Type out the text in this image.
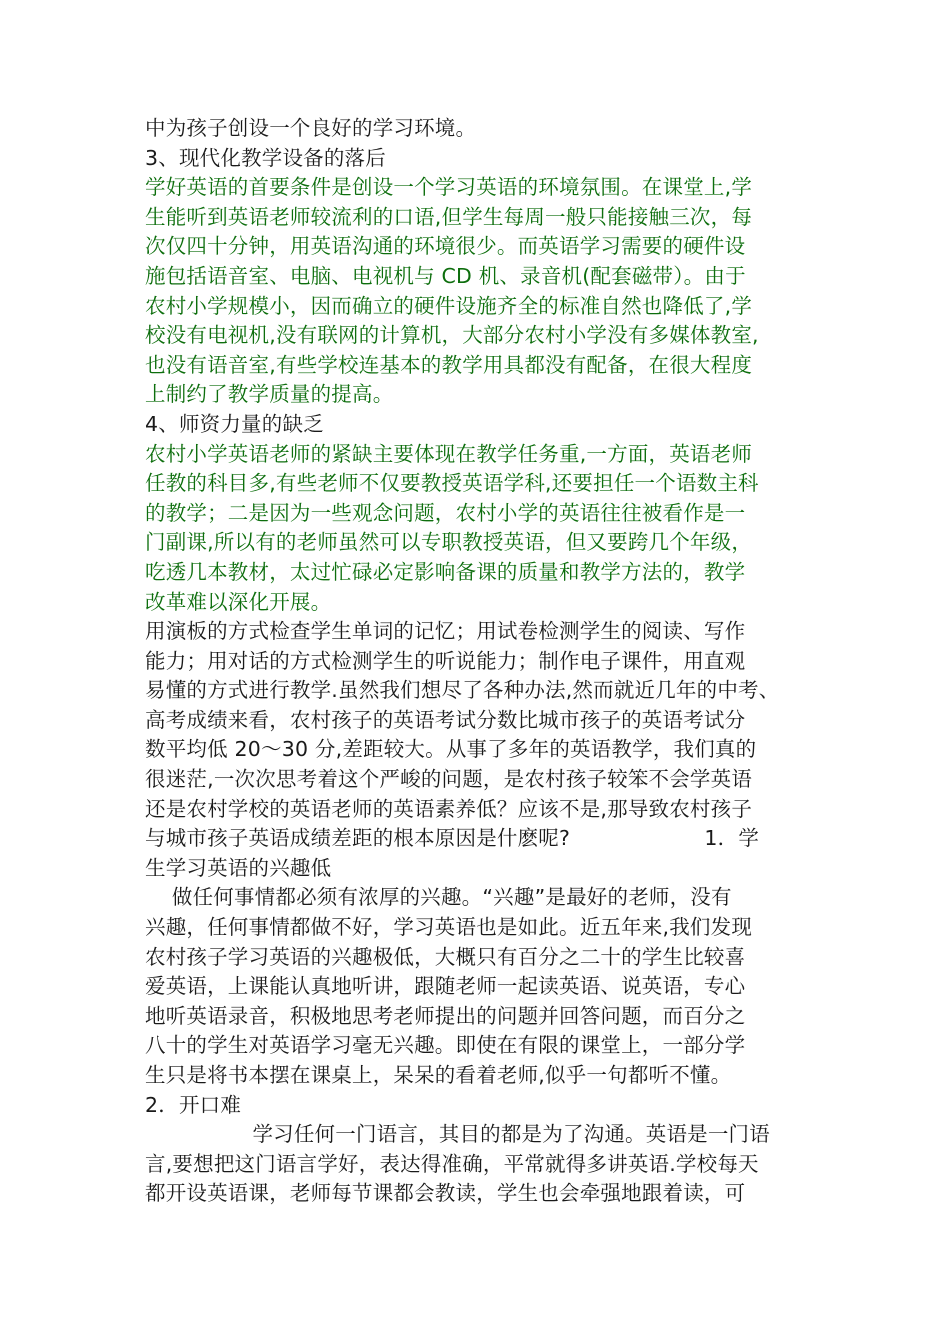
中为孩子创设一个良好的学习环境。
3、现代化教学设备的落后
学好英语的首要条件是创设一个学习英语的环境氛围。在课堂上,学
生能听到英语老师较流利的口语,但学生每周一般只能接触三次，每
次仅四十分钟，用英语沟通的环境很少。而英语学习需要的硬件设
施包括语音室、电脑、电视机与 CD 机、录音机(配套磁带）。由于
农村小学规模小，因而确立的硬件设施齐全的标准自然也降低了,学
校没有电视机,没有联网的计算机，大部分农村小学没有多媒体教室,
也没有语音室,有些学校连基本的教学用具都没有配备，在很大程度
上制约了教学质量的提高。
4、师资力量的缺乏
农村小学英语老师的紧缺主要体现在教学任务重,一方面，英语老师
任教的科目多,有些老师不仅要教授英语学科,还要担任一个语数主科
的教学；二是因为一些观念问题，农村小学的英语往往被看作是一
门副课,所以有的老师虽然可以专职教授英语，但又要跨几个年级，
吃透几本教材，太过忙碌必定影响备课的质量和教学方法的，教学
改革难以深化开展。
用演板的方式检查学生单词的记忆；用试卷检测学生的阅读、写作
能力；用对话的方式检测学生的听说能力；制作电子课件，用直观
易懂的方式进行教学.虽然我们想尽了各种办法,然而就近几年的中考、
高考成绩来看，农村孩子的英语考试分数比城市孩子的英语考试分
数平均低 20～30 分,差距较大。从事了多年的英语教学，我们真的
很迷茫,一次次思考着这个严峻的问题，是农村孩子较笨不会学英语
还是农村学校的英语老师的英语素养低？应该不是,那导致农村孩子
与城市孩子英语成绩差距的根本原因是什麽呢?                    1．学
生学习英语的兴趣低
做任何事情都必须有浓厚的兴趣。“兴趣”是最好的老师，没有
兴趣，任何事情都做不好，学习英语也是如此。近五年来,我们发现
农村孩子学习英语的兴趣极低，大概只有百分之二十的学生比较喜
爱英语，上课能认真地听讲，跟随老师一起读英语、说英语，专心
地听英语录音，积极地思考老师提出的问题并回答问题，而百分之
八十的学生对英语学习毫无兴趣。即使在有限的课堂上，一部分学
生只是将书本摆在课桌上，呆呆的看着老师,似乎一句都听不懂。
2．开口难
学习任何一门语言，其目的都是为了沟通。英语是一门语
言,要想把这门语言学好，表达得准确，平常就得多讲英语.学校每天
都开设英语课，老师每节课都会教读，学生也会牵强地跟着读，可
